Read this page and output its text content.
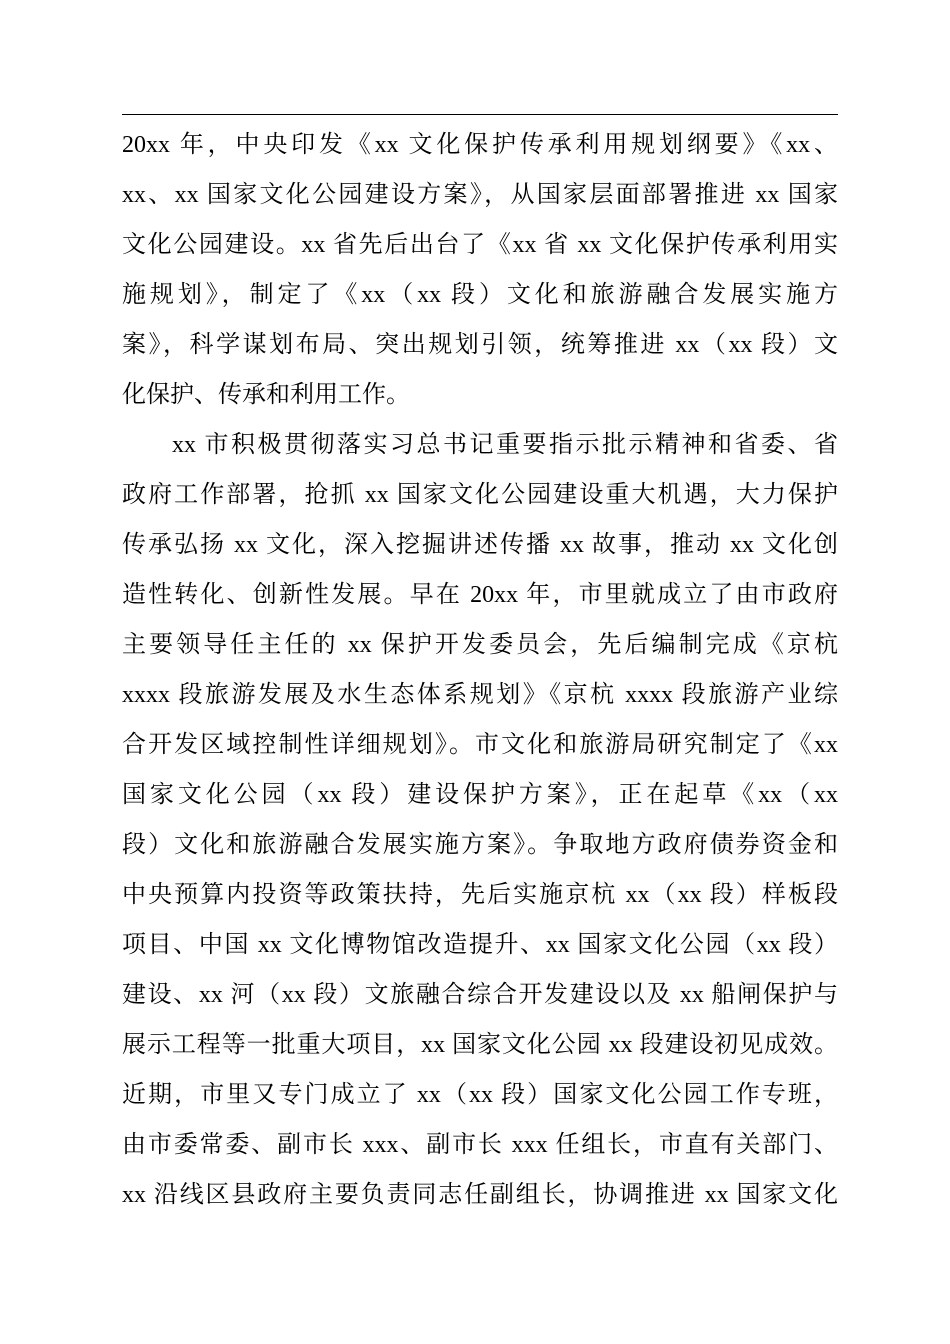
20xx 年，中央印发《xx 文化保护传承利用规划纲要》《xx、
xx、xx 国家文化公园建设方案》，从国家层面部署推进 xx 国家
文化公园建设。xx 省先后出台了《xx 省 xx 文化保护传承利用实
施规划》，制定了《xx（xx 段）文化和旅游融合发展实施方
案》，科学谋划布局、突出规划引领，统筹推进 xx（xx 段）文
化保护、传承和利用工作。
xx 市积极贯彻落实习总书记重要指示批示精神和省委、省
政府工作部署，抢抓 xx 国家文化公园建设重大机遇，大力保护
传承弘扬 xx 文化，深入挖掘讲述传播 xx 故事，推动 xx 文化创
造性转化、创新性发展。早在 20xx 年，市里就成立了由市政府
主要领导任主任的 xx 保护开发委员会，先后编制完成《京杭
xxxx 段旅游发展及水生态体系规划》《京杭 xxxx 段旅游产业综
合开发区域控制性详细规划》。市文化和旅游局研究制定了《xx
国家文化公园（xx 段）建设保护方案》，正在起草《xx（xx
段）文化和旅游融合发展实施方案》。争取地方政府债券资金和
中央预算内投资等政策扶持，先后实施京杭 xx（xx 段）样板段
项目、中国 xx 文化博物馆改造提升、xx 国家文化公园（xx 段）
建设、xx 河（xx 段）文旅融合综合开发建设以及 xx 船闸保护与
展示工程等一批重大项目，xx 国家文化公园 xx 段建设初见成效。
近期，市里又专门成立了 xx（xx 段）国家文化公园工作专班，
由市委常委、副市长 xxx、副市长 xxx 任组长，市直有关部门、
xx 沿线区县政府主要负责同志任副组长，协调推进 xx 国家文化
